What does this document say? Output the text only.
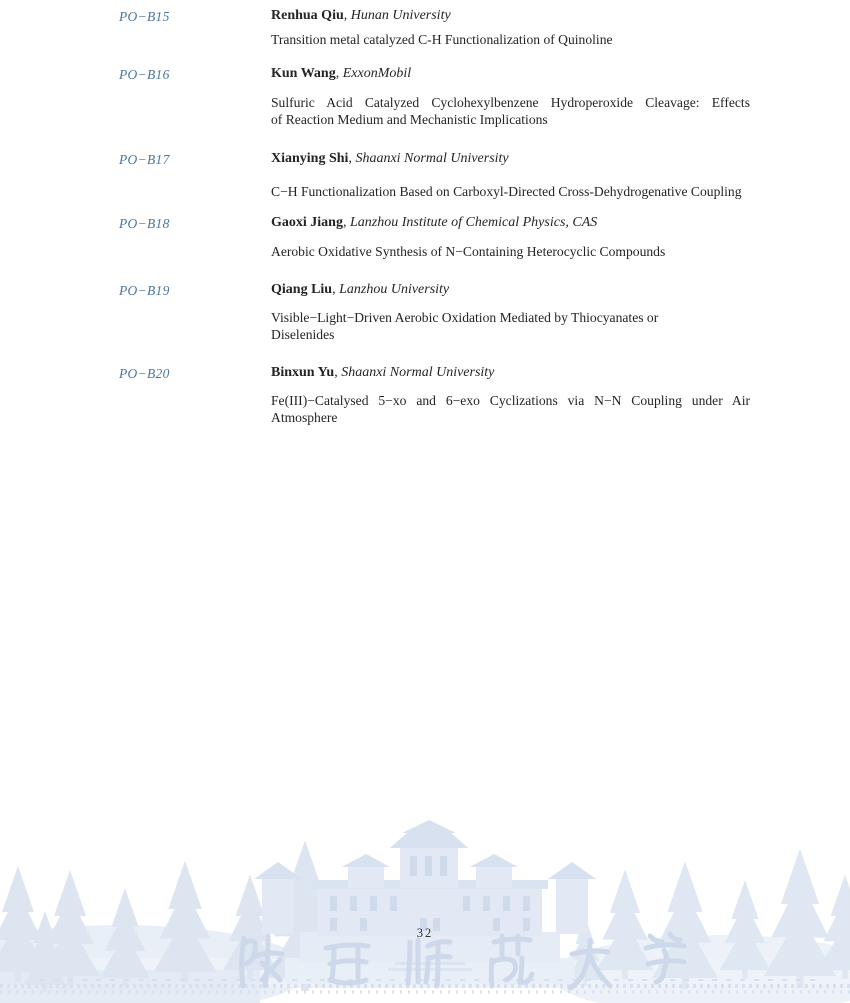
PO−B15	Renhua Qiu, Hunan University
Transition metal catalyzed C-H Functionalization of Quinoline
PO−B16	Kun Wang, ExxonMobil
Sulfuric Acid Catalyzed Cyclohexylbenzene Hydroperoxide Cleavage: Effects
of Reaction Medium and Mechanistic Implications
PO−B17	Xianying Shi, Shaanxi Normal University
C−H Functionalization Based on Carboxyl-Directed Cross-Dehydrogenative Coupling
PO−B18	Gaoxi Jiang, Lanzhou Institute of Chemical Physics, CAS
Aerobic Oxidative Synthesis of N−Containing Heterocyclic Compounds
PO−B19	Qiang Liu, Lanzhou University
Visible−Light−Driven Aerobic Oxidation Mediated by Thiocyanates or
Diselenides
PO−B20	Binxun Yu, Shaanxi Normal University
Fe(III)−Catalysed 5−xo and 6−exo Cyclizations via N−N Coupling under Air
Atmosphere
32
